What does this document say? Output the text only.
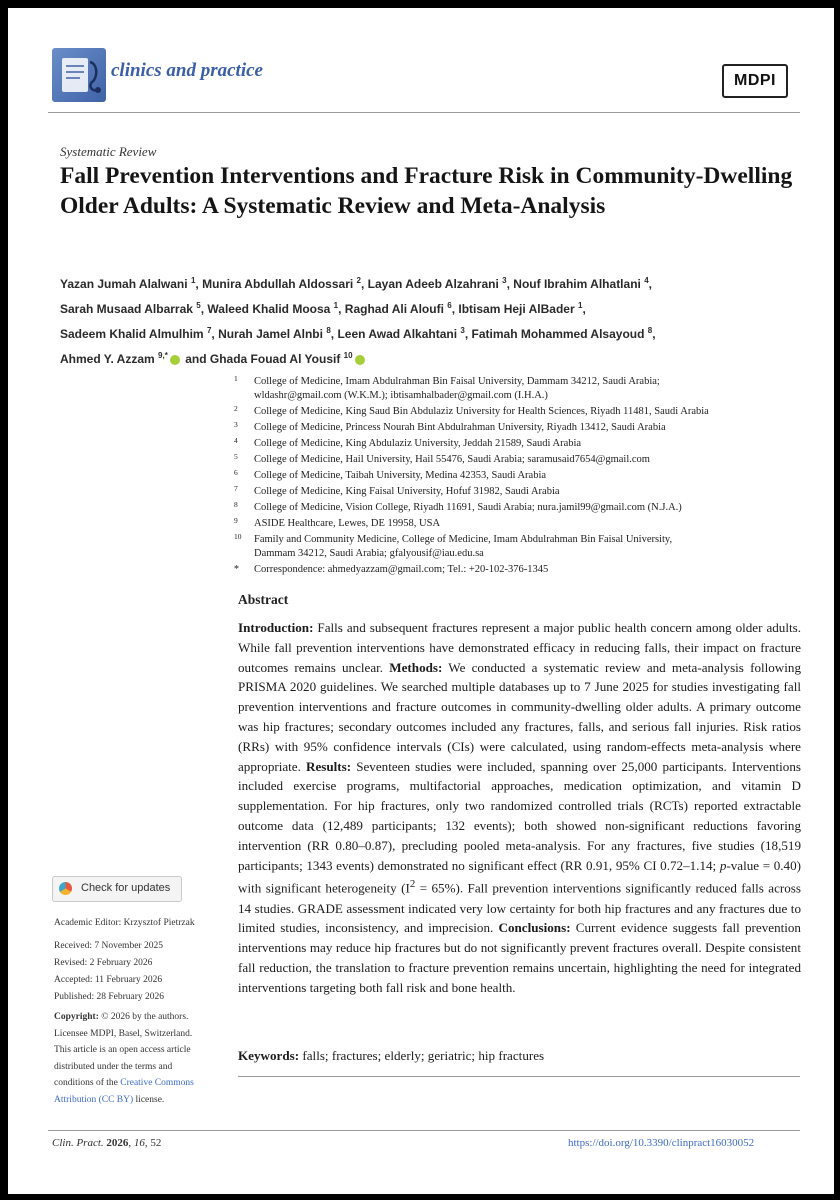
clinics and practice	MDPI
Systematic Review
Fall Prevention Interventions and Fracture Risk in Community-Dwelling Older Adults: A Systematic Review and Meta-Analysis
Yazan Jumah Alalwani $^1$, Munira Abdullah Aldossari $^2$, Layan Adeeb Alzahrani $^3$, Nouf Ibrahim Alhatlani $^4$,
Sarah Musaad Albarrak $^5$, Waleed Khalid Moosa $^1$, Raghad Ali Aloufi $^6$, Ibtisam Heji AlBader $^1$,
Sadeem Khalid Almulhim $^7$, Nurah Jamel Alnbi $^8$, Leen Awad Alkahtani $^3$, Fatimah Mohammed Alsayoud $^8$,
Ahmed Y. Azzam $^{9,*}$ and Ghada Fouad Al Yousif $^{10}$
1 College of Medicine, Imam Abdulrahman Bin Faisal University, Dammam 34212, Saudi Arabia;
wldashr@gmail.com (W.K.M.); ibtisamhalbader@gmail.com (I.H.A.)
2 College of Medicine, King Saud Bin Abdulaziz University for Health Sciences, Riyadh 11481, Saudi Arabia
3 College of Medicine, Princess Nourah Bint Abdulrahman University, Riyadh 13412, Saudi Arabia
4 College of Medicine, King Abdulaziz University, Jeddah 21589, Saudi Arabia
5 College of Medicine, Hail University, Hail 55476, Saudi Arabia; saramusaid7654@gmail.com
6 College of Medicine, Taibah University, Medina 42353, Saudi Arabia
7 College of Medicine, King Faisal University, Hofuf 31982, Saudi Arabia
8 College of Medicine, Vision College, Riyadh 11691, Saudi Arabia; nura.jamil99@gmail.com (N.J.A.)
9 ASIDE Healthcare, Lewes, DE 19958, USA
10 Family and Community Medicine, College of Medicine, Imam Abdulrahman Bin Faisal University,
Dammam 34212, Saudi Arabia; gfalyousif@iau.edu.sa
* Correspondence: ahmedyazzam@gmail.com; Tel.: +20-102-376-1345
Abstract
Introduction: Falls and subsequent fractures represent a major public health concern among older adults. While fall prevention interventions have demonstrated efficacy in reducing falls, their impact on fracture outcomes remains unclear. Methods: We conducted a systematic review and meta-analysis following PRISMA 2020 guidelines. We searched multiple databases up to 7 June 2025 for studies investigating fall prevention interventions and fracture outcomes in community-dwelling older adults. A primary outcome was hip fractures; secondary outcomes included any fractures, falls, and serious fall injuries. Risk ratios (RRs) with 95% confidence intervals (CIs) were calculated, using random-effects meta-analysis where appropriate. Results: Seventeen studies were included, spanning over 25,000 participants. Interventions included exercise programs, multifactorial approaches, medication optimization, and vitamin D supplementation. For hip fractures, only two randomized controlled trials (RCTs) reported extractable outcome data (12,489 participants; 132 events); both showed non-significant reductions favoring intervention (RR 0.80–0.87), precluding pooled meta-analysis. For any fractures, five studies (18,519 participants; 1343 events) demonstrated no significant effect (RR 0.91, 95% CI 0.72–1.14; p-value = 0.40) with significant heterogeneity $(I^2 = 65\%)$. Fall prevention interventions significantly reduced falls across 14 studies. GRADE assessment indicated very low certainty for both hip fractures and any fractures due to limited studies, inconsistency, and imprecision. Conclusions: Current evidence suggests fall prevention interventions may reduce hip fractures but do not significantly prevent fractures overall. Despite consistent fall reduction, the translation to fracture prevention remains uncertain, highlighting the need for integrated interventions targeting both fall risk and bone health.
Keywords: falls; fractures; elderly; geriatric; hip fractures
Check for updates
Academic Editor: Krzysztof Pietrzak
Received: 7 November 2025
Revised: 2 February 2026
Accepted: 11 February 2026
Published: 28 February 2026
Copyright: © 2026 by the authors.
Licensee MDPI, Basel, Switzerland.
This article is an open access article
distributed under the terms and
conditions of the Creative Commons
Attribution (CC BY) license.
Clin. Pract. 2026, 16, 52	https://doi.org/10.3390/clinpract16030052
